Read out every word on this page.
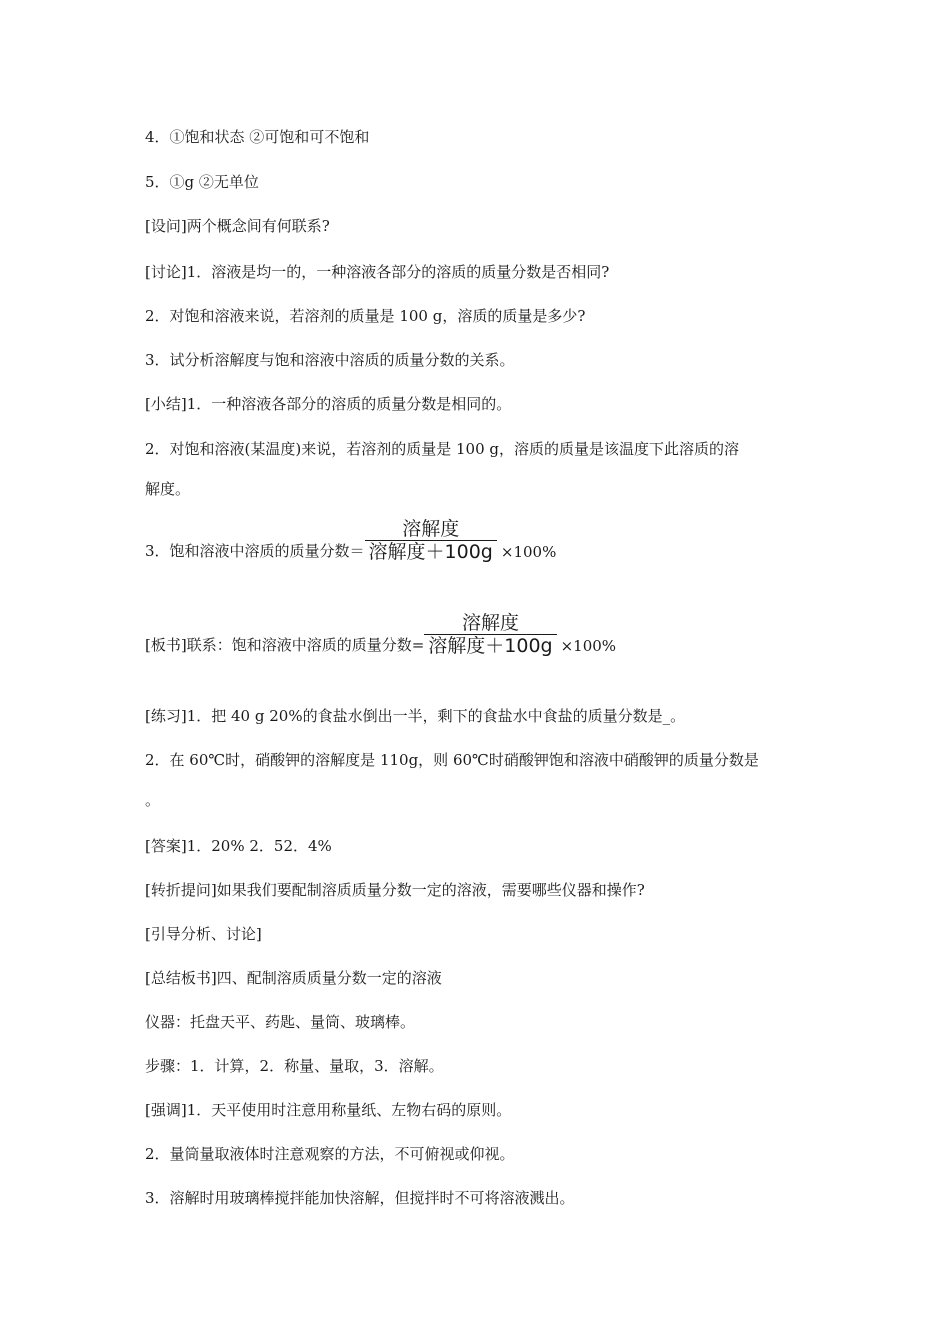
4．①饱和状态 ②可饱和可不饱和
5．①g ②无单位
[设问]两个概念间有何联系?
[讨论]1．溶液是均一的，一种溶液各部分的溶质的质量分数是否相同?
2．对饱和溶液来说，若溶剂的质量是 100 g，溶质的质量是多少?
3．试分析溶解度与饱和溶液中溶质的质量分数的关系。
[小结]1．一种溶液各部分的溶质的质量分数是相同的。
2．对饱和溶液(某温度)来说，若溶剂的质量是 100 g，溶质的质量是该温度下此溶质的溶
解度。
3．饱和溶液中溶质的质量分数＝ $\frac{\text{溶解度}}{\text{溶解度＋100g}} \times 100\%$
[板书]联系：饱和溶液中溶质的质量分数= $\frac{\text{溶解度}}{\text{溶解度＋100g}} \times 100\%$
[练习]1．把 40 g 20%的食盐水倒出一半，剩下的食盐水中食盐的质量分数是_。
2．在 60℃时，硝酸钾的溶解度是 110g，则 60℃时硝酸钾饱和溶液中硝酸钾的质量分数是
。
[答案]1．20% 2．52．4%
[转折提问]如果我们要配制溶质质量分数一定的溶液，需要哪些仪器和操作?
[引导分析、讨论]
[总结板书]四、配制溶质质量分数一定的溶液
仪器：托盘天平、药匙、量筒、玻璃棒。
步骤：1．计算，2．称量、量取，3．溶解。
[强调]1．天平使用时注意用称量纸、左物右码的原则。
2．量筒量取液体时注意观察的方法，不可俯视或仰视。
3．溶解时用玻璃棒搅拌能加快溶解，但搅拌时不可将溶液溅出。
